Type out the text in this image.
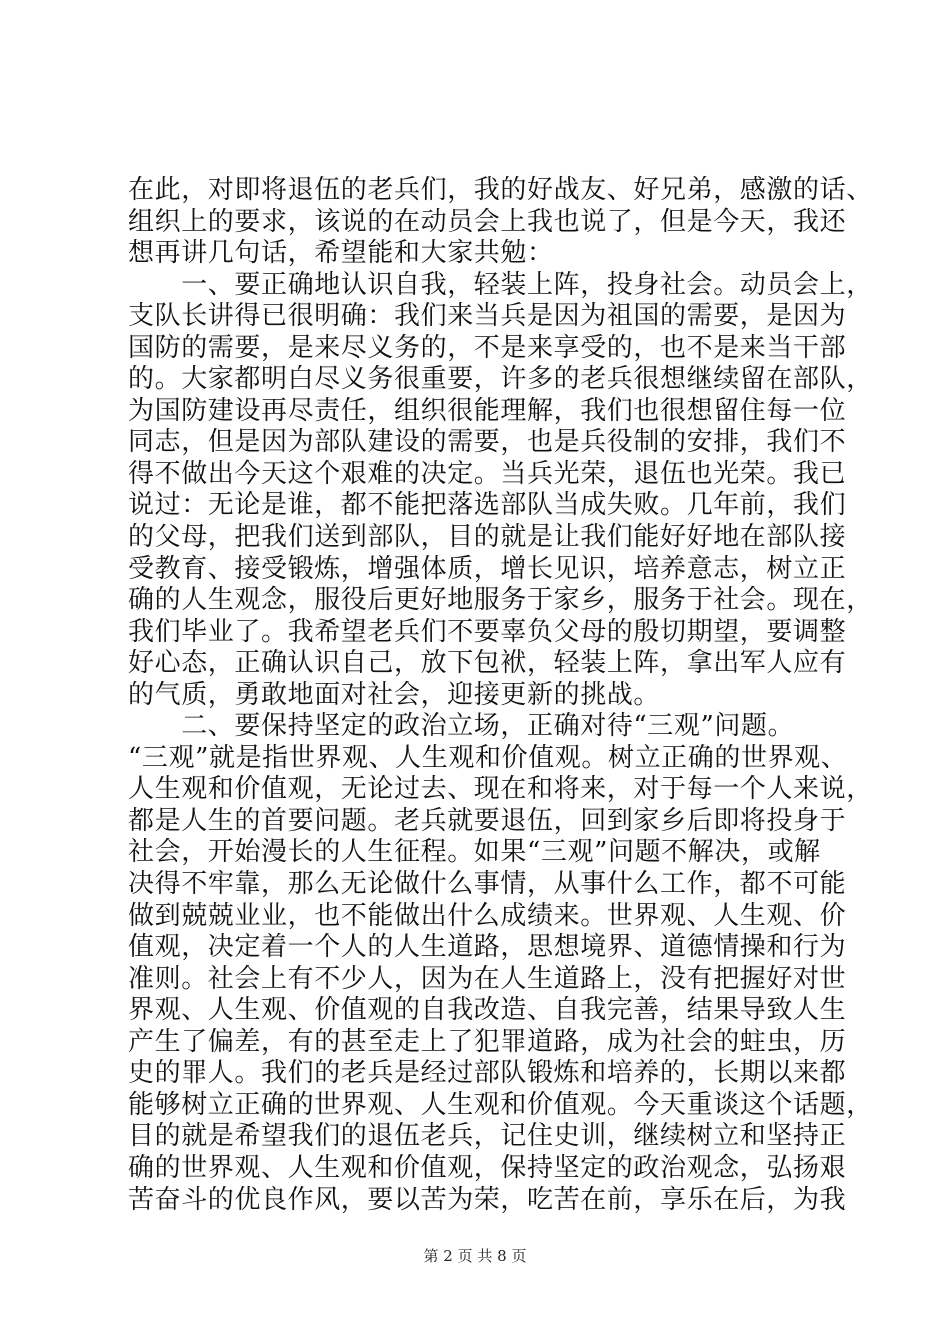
在此，对即将退伍的老兵们，我的好战友、好兄弟，感激的话、
组织上的要求，该说的在动员会上我也说了，但是今天，我还
想再讲几句话，希望能和大家共勉：
　　一、要正确地认识自我，轻装上阵，投身社会。动员会上，
支队长讲得已很明确：我们来当兵是因为祖国的需要，是因为
国防的需要，是来尽义务的，不是来享受的，也不是来当干部
的。大家都明白尽义务很重要，许多的老兵很想继续留在部队，
为国防建设再尽责任，组织很能理解，我们也很想留住每一位
同志，但是因为部队建设的需要，也是兵役制的安排，我们不
得不做出今天这个艰难的决定。当兵光荣，退伍也光荣。我已
说过：无论是谁，都不能把落选部队当成失败。几年前，我们
的父母，把我们送到部队，目的就是让我们能好好地在部队接
受教育、接受锻炼，增强体质，增长见识，培养意志，树立正
确的人生观念，服役后更好地服务于家乡，服务于社会。现在，
我们毕业了。我希望老兵们不要辜负父母的殷切期望，要调整
好心态，正确认识自己，放下包袱，轻装上阵，拿出军人应有
的气质，勇敢地面对社会，迎接更新的挑战。
　　二、要保持坚定的政治立场，正确对待“三观”问题。
“三观”就是指世界观、人生观和价值观。树立正确的世界观、
人生观和价值观，无论过去、现在和将来，对于每一个人来说，
都是人生的首要问题。老兵就要退伍，回到家乡后即将投身于
社会，开始漫长的人生征程。如果“三观”问题不解决，或解
决得不牢靠，那么无论做什么事情，从事什么工作，都不可能
做到兢兢业业，也不能做出什么成绩来。世界观、人生观、价
值观，决定着一个人的人生道路，思想境界、道德情操和行为
准则。社会上有不少人，因为在人生道路上，没有把握好对世
界观、人生观、价值观的自我改造、自我完善，结果导致人生
产生了偏差，有的甚至走上了犯罪道路，成为社会的蛀虫，历
史的罪人。我们的老兵是经过部队锻炼和培养的，长期以来都
能够树立正确的世界观、人生观和价值观。今天重谈这个话题，
目的就是希望我们的退伍老兵，记住史训，继续树立和坚持正
确的世界观、人生观和价值观，保持坚定的政治观念，弘扬艰
苦奋斗的优良作风，要以苦为荣，吃苦在前，享乐在后，为我
第 2 页 共 8 页
